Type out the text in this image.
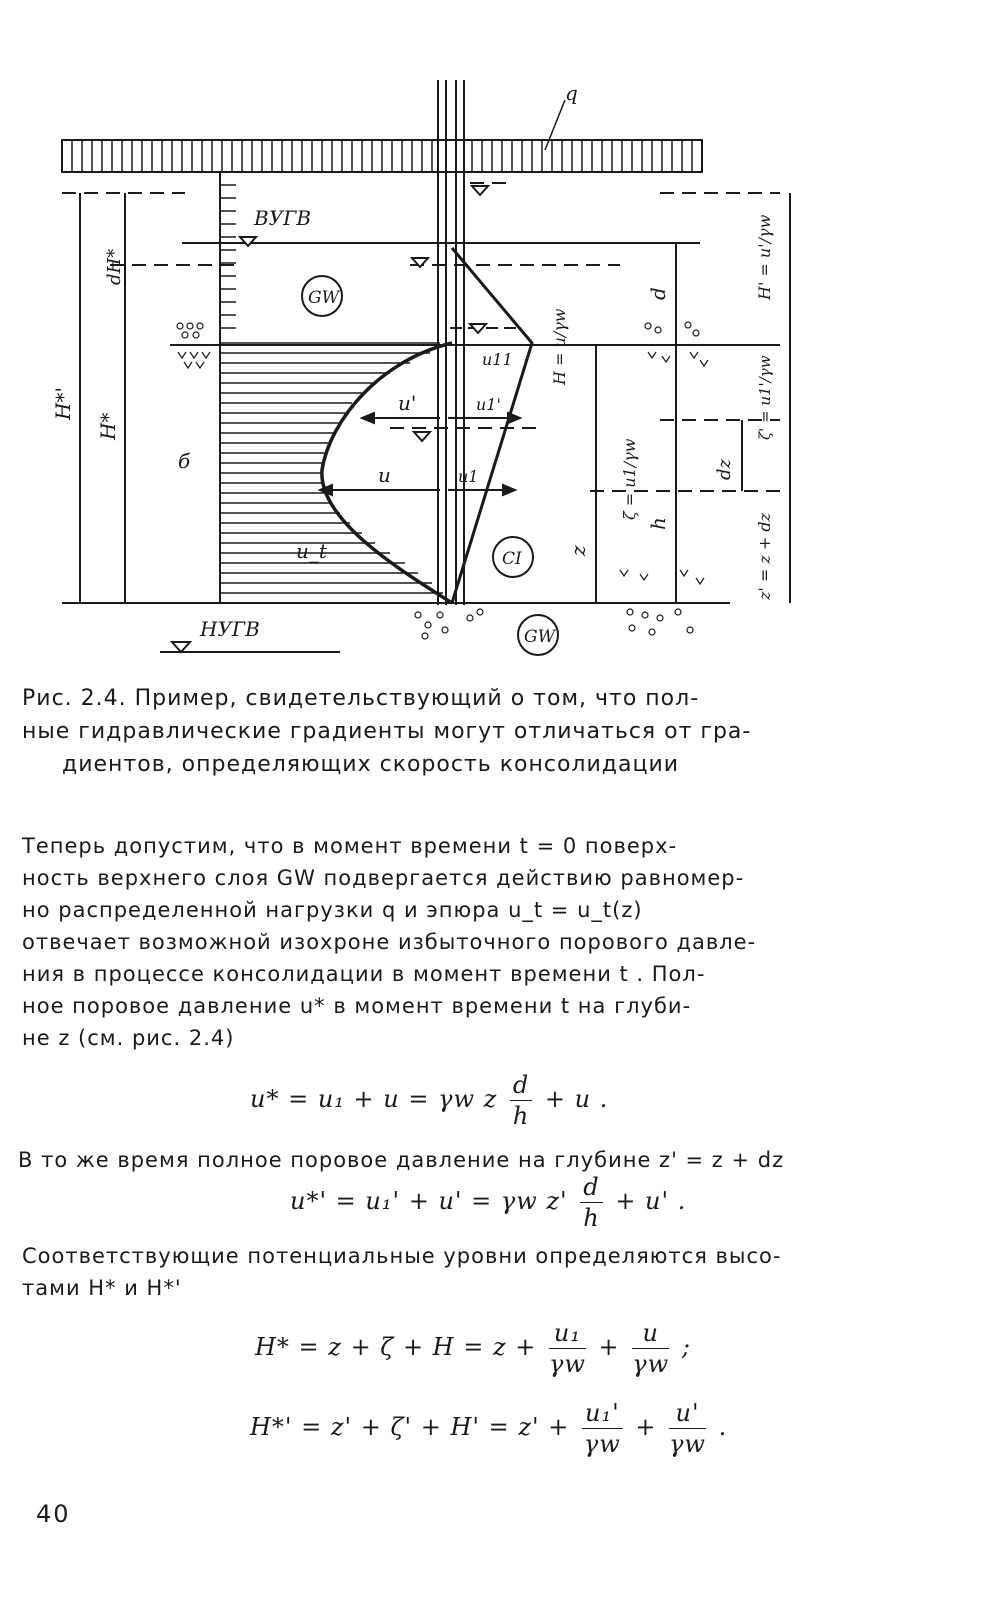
q
ВУГВ
НУГВ
GW
CI
GW
б
u'
u
u_t
u11
u1'
u1
dH*
H*'
H*
H = u/γw
ζ = u1/γw
z
h
d	H' = u'/γw
ζ' = u1'/γw
dz
z' = z + dz
Рис. 2.4. Пример, свидетельствующий о том, что пол-
ные гидравлические градиенты могут отличаться от гра-
диентов, определяющих скорость консолидации
Теперь допустим, что в момент времени t = 0 поверх-
ность верхнего слоя GW подвергается действию равномер-
но распределенной нагрузки q и эпюра u_t = u_t(z)
отвечает возможной изохроне избыточного порового давле-
ния в процессе консолидации в момент времени t . Пол-
ное поровое давление u* в момент времени t на глуби-
не z (см. рис. 2.4)
u* = u₁ + u = γw z $\frac{d}{h} + u$ .
В то же время полное поровое давление на глубине z' = z + dz
u*' = u₁' + u' = γw $z' \frac{d}{h} + u'$ .
Соответствующие потенциальные уровни определяются высо-
тами H* и H*'
$H* = z + \zeta + H = z + \frac{\text{u₁}}{\gamma w} + \frac{u}{\gamma w}$ ;
$H*' = z' + \zeta' + H' = z' + \frac{\text{u₁'}}{\gamma w} + \frac{u'}{\gamma w}$ .
40
